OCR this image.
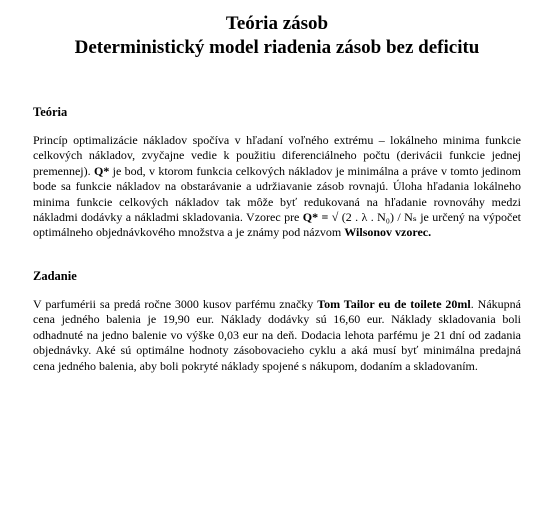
Teória zásob
Deterministický model riadenia zásob bez deficitu
Teória

Princíp optimalizácie nákladov spočíva v hľadaní voľného extrému – lokálneho minima funkcie celkových nákladov, zvyčajne vedie k použitiu diferenciálneho počtu (derivácii funkcie jednej premennej). Q* je bod, v ktorom funkcia celkových nákladov je minimálna a práve v tomto jedinom bode sa funkcie nákladov na obstarávanie a udržiavanie zásob rovnajú. Úloha hľadania lokálneho minima funkcie celkových nákladov tak môže byť redukovaná na hľadanie rovnováhy medzi nákladmi dodávky a nákladmi skladovania. Vzorec pre Q* = √ (2 . λ . N₀) / Nₛ je určený na výpočet optimálneho objednávkového množstva a je známy pod názvom Wilsonov vzorec.

Zadanie

V parfumérii sa predá ročne 3000 kusov parfému značky Tom Tailor eu de toilete 20ml. Nákupná cena jedného balenia je 19,90 eur. Náklady dodávky sú 16,60 eur. Náklady skladovania boli odhadnuté na jedno balenie vo výške 0,03 eur na deň. Dodacia lehota parfému je 21 dní od zadania objednávky. Aké sú optimálne hodnoty zásobovacieho cyklu a aká musí byť minimálna predajná cena jedného balenia, aby boli pokryté náklady spojené s nákupom, dodaním a skladovaním.
